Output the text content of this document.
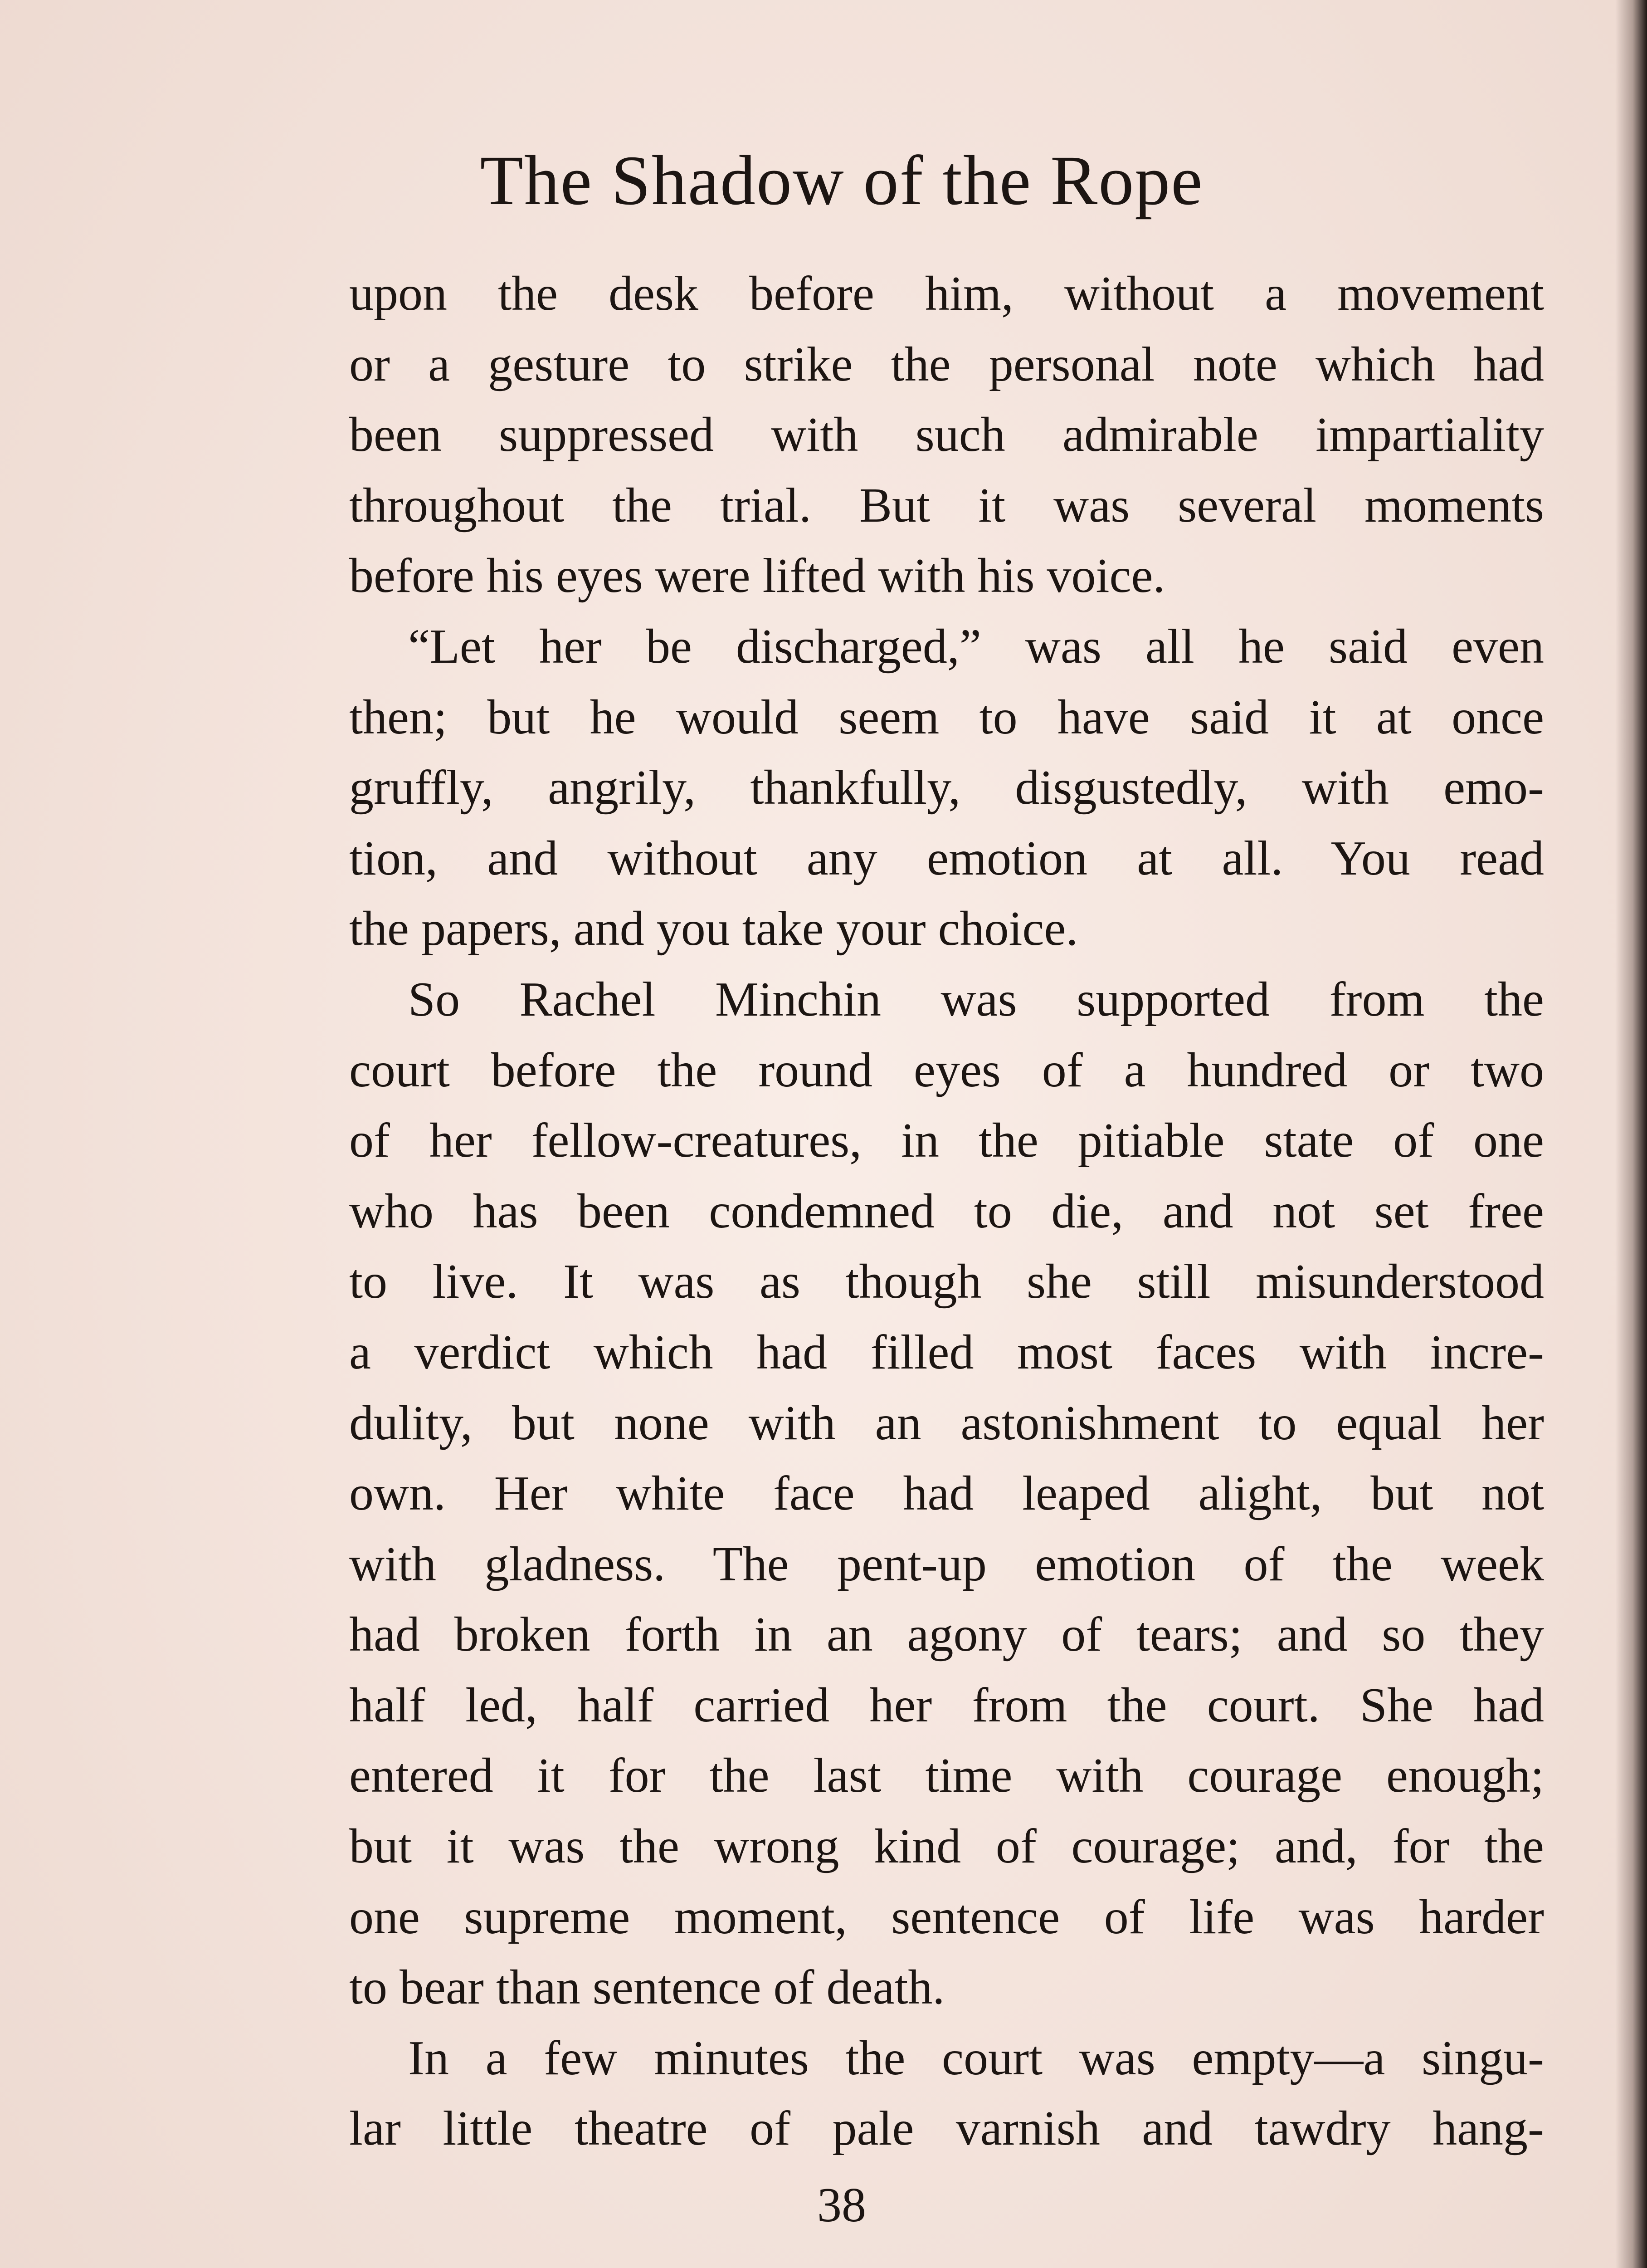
The Shadow of the Rope
upon the desk before him, without a movement
or a gesture to strike the personal note which had
been suppressed with such admirable impartiality
throughout the trial. But it was several moments
before his eyes were lifted with his voice.
“Let her be discharged,” was all he said even
then; but he would seem to have said it at once
gruffly, angrily, thankfully, disgustedly, with emo-
tion, and without any emotion at all. You read
the papers, and you take your choice.
So Rachel Minchin was supported from the
court before the round eyes of a hundred or two
of her fellow-creatures, in the pitiable state of one
who has been condemned to die, and not set free
to live. It was as though she still misunderstood
a verdict which had filled most faces with incre-
dulity, but none with an astonishment to equal her
own. Her white face had leaped alight, but not
with gladness. The pent-up emotion of the week
had broken forth in an agony of tears; and so they
half led, half carried her from the court. She had
entered it for the last time with courage enough;
but it was the wrong kind of courage; and, for the
one supreme moment, sentence of life was harder
to bear than sentence of death.
In a few minutes the court was empty—a singu-
lar little theatre of pale varnish and tawdry hang-
38
